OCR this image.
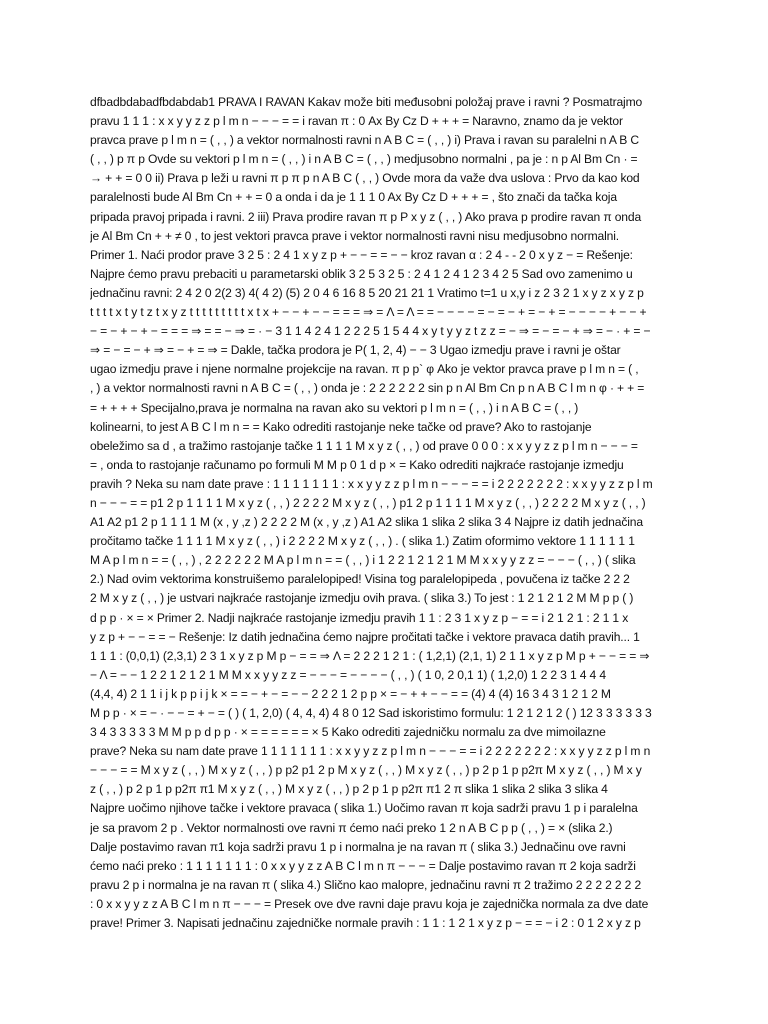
dfbadbdabadfbdabdab1 PRAVA I RAVAN Kakav može biti međusobni položaj prave i ravni ? Posmatrajmo
pravu 1 1 1 : x x y y z z p l m n − − − = = i ravan π : 0 Ax By Cz D + + + = Naravno, znamo da je vektor
pravca prave p l m n = ( , , ) a vektor normalnosti ravni n A B C = ( , , ) i) Prava i ravan su paralelni n A B C
( , , ) p π p Ovde su vektori p l m n = ( , , ) i n A B C = ( , , ) medjusobno normalni , pa je : n p Al Bm Cn · =
→ + + = 0 0 ii) Prava p leži u ravni π p π p n A B C ( , , ) Ovde mora da važe dva uslova : Prvo da kao kod
paralelnosti bude Al Bm Cn + + = 0 a onda i da je 1 1 1 0 Ax By Cz D + + + = , što znači da tačka koja
pripada pravoj pripada i ravni. 2 iii) Prava prodire ravan π p P x y z ( , , ) Ako prava p prodire ravan π onda
je Al Bm Cn + + ≠ 0 , to jest vektori pravca prave i vektor normalnosti ravni nisu medjusobno normalni.
Primer 1. Naći prodor prave 3 2 5 : 2 4 1 x y z p + − − = = − − kroz ravan α : 2 4 - - 2 0 x y z − = Rešenje:
Najpre ćemo pravu prebaciti u parametarski oblik 3 2 5 3 2 5 : 2 4 1 2 4 1 2 3 4 2 5 Sad ovo zamenimo u
jednačinu ravni: 2 4 2 0 2(2 3) 4( 4 2) (5) 2 0 4 6 16 8 5 20 21 21 1 Vratimo t=1 u x,y i z 2 3 2 1 x y z x y z p
t t t t x t y t z t x y z t t t t t t t t t x t x + − − + − − = = = ⇒ = Λ = Λ = = − − − − = − = − + = − + = − − − − + − − +
− = − + − + − = = = ⇒ = = − ⇒ = · − 3 1 1 4 2 4 1 2 2 2 5 1 5 4 4 x y t y y z t z z = − ⇒ = − = − + ⇒ = − · + = −
⇒ = − = − + ⇒ = − + = ⇒ = Dakle, tačka prodora je P( 1, 2, 4) − − 3 Ugao izmedju prave i ravni je oštar
ugao izmedju prave i njene normalne projekcije na ravan. π p p` φ Ako je vektor pravca prave p l m n = ( ,
, ) a vektor normalnosti ravni n A B C = ( , , ) onda je : 2 2 2 2 2 2 sin p n Al Bm Cn p n A B C l m n φ · + + =
= + + + + Specijalno,prava je normalna na ravan ako su vektori p l m n = ( , , ) i n A B C = ( , , )
kolinearni, to jest A B C l m n = = Kako odrediti rastojanje neke tačke od prave? Ako to rastojanje
obeležimo sa d , a tražimo rastojanje tačke 1 1 1 1 M x y z ( , , ) od prave 0 0 0 : x x y y z z p l m n − − − =
= , onda to rastojanje računamo po formuli M M p 0 1 d p × = Kako odrediti najkraće rastojanje izmedju
pravih ? Neka su nam date prave : 1 1 1 1 1 1 1 : x x y y z z p l m n − − − = = i 2 2 2 2 2 2 2 : x x y y z z p l m
n − − − = = p1 2 p 1 1 1 1 M x y z ( , , ) 2 2 2 2 M x y z ( , , ) p1 2 p 1 1 1 1 M x y z ( , , ) 2 2 2 2 M x y z ( , , )
A1 A2 p1 2 p 1 1 1 1 M (x , y ,z ) 2 2 2 2 M (x , y ,z ) A1 A2 slika 1 slika 2 slika 3 4 Najpre iz datih jednačina
pročitamo tačke 1 1 1 1 M x y z ( , , ) i 2 2 2 2 M x y z ( , , ) . ( slika 1.) Zatim oformimo vektore 1 1 1 1 1 1
M A p l m n = = ( , , ) , 2 2 2 2 2 2 M A p l m n = = ( , , ) i 1 2 2 1 2 1 2 1 M M x x y y z z = − − − ( , , ) ( slika
2.) Nad ovim vektorima konstruišemo paralelopiped! Visina tog paralelopipeda , povučena iz tačke 2 2 2
2 M x y z ( , , ) je ustvari najkraće rastojanje izmedju ovih prava. ( slika 3.) To jest : 1 2 1 2 1 2 M M p p ( )
d p p · × = × Primer 2. Nadji najkraće rastojanje izmedju pravih 1 1 : 2 3 1 x y z p − = = i 2 1 2 1 : 2 1 1 x
y z p + − − = = − Rešenje: Iz datih jednačina ćemo najpre pročitati tačke i vektore pravaca datih pravih... 1
1 1 1 : (0,0,1) (2,3,1) 2 3 1 x y z p M p − = = ⇒ Λ = 2 2 2 1 2 1 : ( 1,2,1) (2,1, 1) 2 1 1 x y z p M p + − − = = ⇒
− Λ = − − 1 2 2 1 2 1 2 1 M M x x y y z z = − − − = − − − − ( , , ) ( 1 0, 2 0,1 1) ( 1,2,0) 1 2 2 3 1 4 4 4
(4,4, 4) 2 1 1 i j k p p i j k × = = − + − = − − 2 2 2 1 2 p p × = − + + − − = = (4) 4 (4) 16 3 4 3 1 2 1 2 M
M p p · × = − · − − = + − = ( ) ( 1, 2,0) ( 4, 4, 4) 4 8 0 12 Sad iskoristimo formulu: 1 2 1 2 1 2 ( ) 12 3 3 3 3 3 3
3 4 3 3 3 3 3 M M p p d p p · × = = = = = = × 5 Kako odrediti zajedničku normalu za dve mimoilazne
prave? Neka su nam date prave 1 1 1 1 1 1 1 : x x y y z z p l m n − − − = = i 2 2 2 2 2 2 2 : x x y y z z p l m n
− − − = = M x y z ( , , ) M x y z ( , , ) p p2 p1 2 p M x y z ( , , ) M x y z ( , , ) p 2 p 1 p p2π M x y z ( , , ) M x y
z ( , , ) p 2 p 1 p p2π π1 M x y z ( , , ) M x y z ( , , ) p 2 p 1 p p2π π1 2 π slika 1 slika 2 slika 3 slika 4
Najpre uočimo njihove tačke i vektore pravaca ( slika 1.) Uočimo ravan π koja sadrži pravu 1 p i paralelna
je sa pravom 2 p . Vektor normalnosti ove ravni π ćemo naći preko 1 2 n A B C p p ( , , ) = × (slika 2.)
Dalje postavimo ravan π1 koja sadrži pravu 1 p i normalna je na ravan π ( slika 3.) Jednačinu ove ravni
ćemo naći preko : 1 1 1 1 1 1 1 : 0 x x y y z z A B C l m n π − − − = Dalje postavimo ravan π 2 koja sadrži
pravu 2 p i normalna je na ravan π ( slika 4.) Slično kao malopre, jednačinu ravni π 2 tražimo 2 2 2 2 2 2 2
: 0 x x y y z z A B C l m n π − − − = Presek ove dve ravni daje pravu koja je zajednička normala za dve date
prave! Primer 3. Napisati jednačinu zajedničke normale pravih : 1 1 : 1 2 1 x y z p − = = − i 2 : 0 1 2 x y z p
